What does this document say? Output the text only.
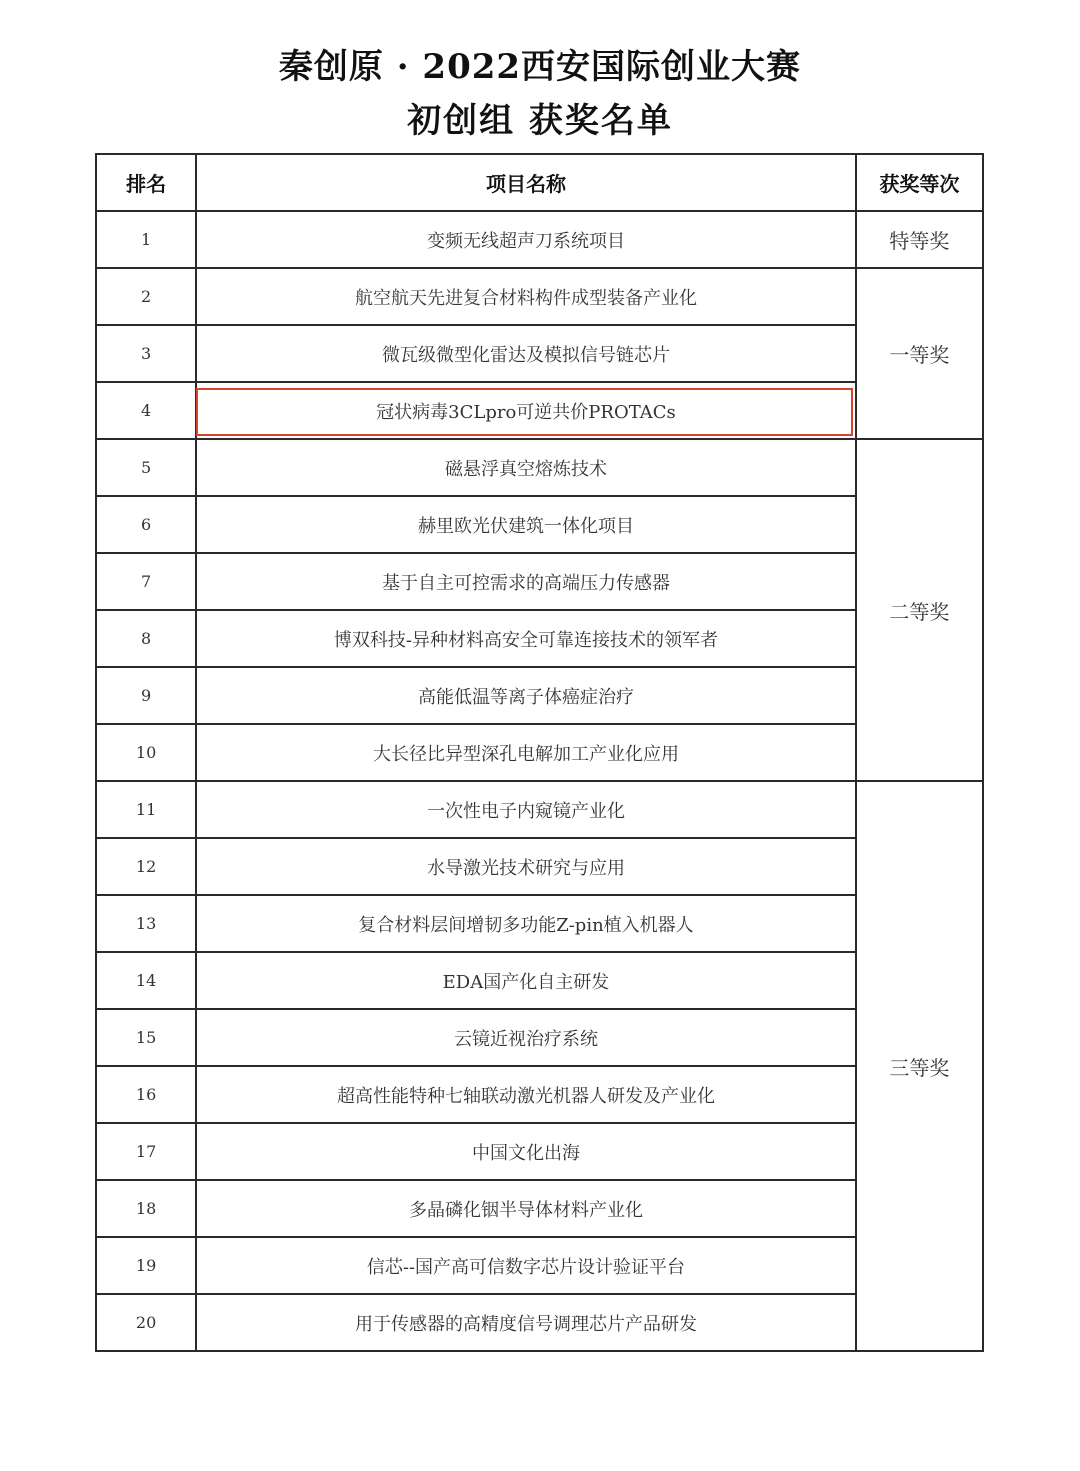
秦创原 · 2022西安国际创业大赛
初创组 获奖名单
排名	项目名称	获奖等次
1	变频无线超声刀系统项目	特等奖
2	航空航天先进复合材料构件成型装备产业化	一等奖
3	微瓦级微型化雷达及模拟信号链芯片	
4	冠状病毒3CLpro可逆共价PROTACs	

5	磁悬浮真空熔炼技术	二等奖
6	赫里欧光伏建筑一体化项目	
7	基于自主可控需求的高端压力传感器	
8	博双科技-异种材料高安全可靠连接技术的领军者	
9	高能低温等离子体癌症治疗	
10	大长径比异型深孔电解加工产业化应用	
11	一次性电子内窥镜产业化	三等奖
12	水导激光技术研究与应用	
13	复合材料层间增韧多功能Z-pin植入机器人	
14	EDA国产化自主研发	
15	云镜近视治疗系统	
16	超高性能特种七轴联动激光机器人研发及产业化	
17	中国文化出海	
18	多晶磷化铟半导体材料产业化	
19	信芯--国产高可信数字芯片设计验证平台	
20	用于传感器的高精度信号调理芯片产品研发	
